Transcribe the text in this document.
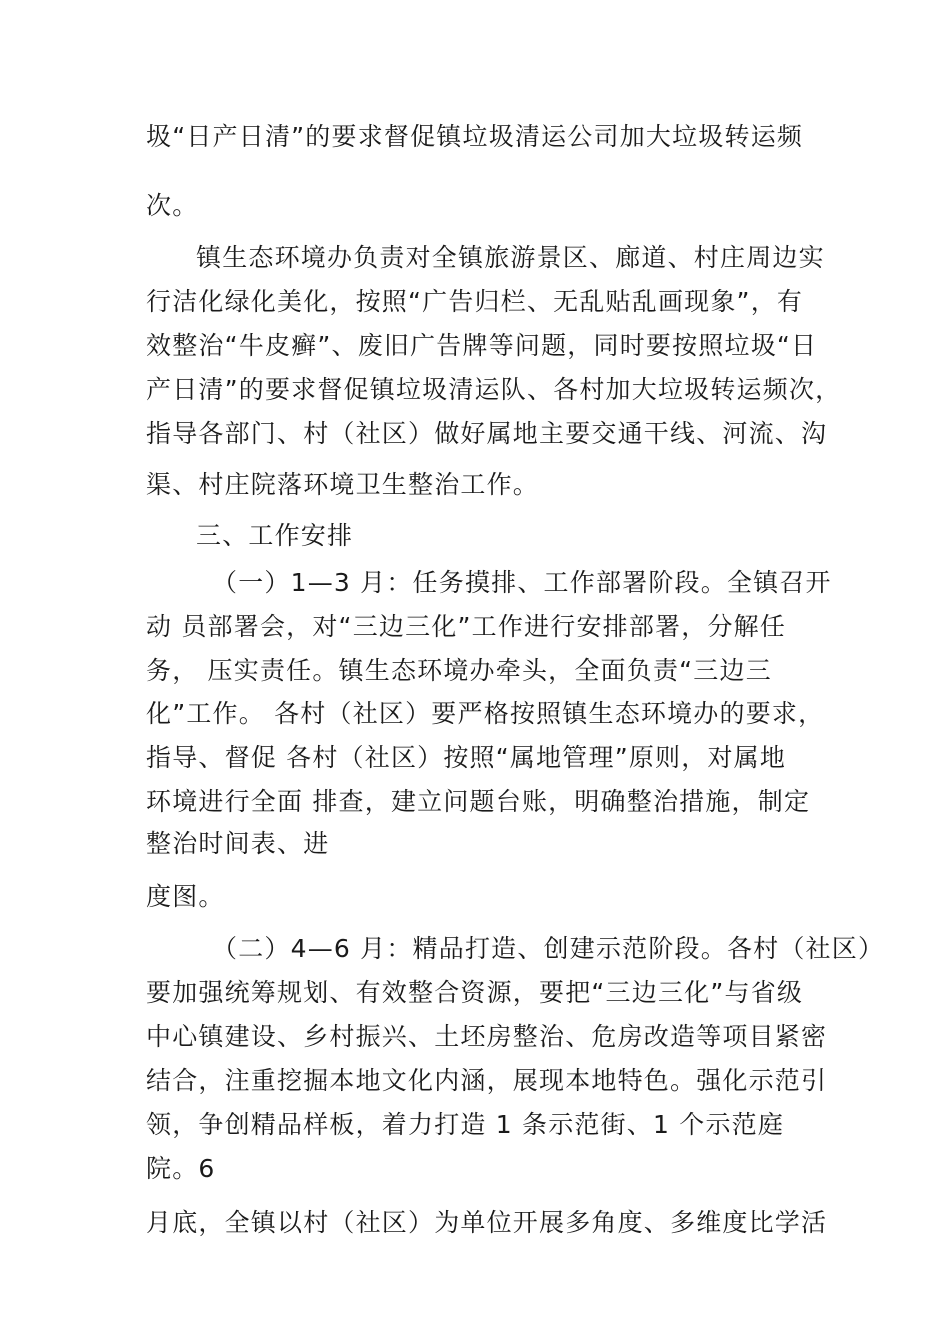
圾“日产日清”的要求督促镇垃圾清运公司加大垃圾转运频

次。

镇生态环境办负责对全镇旅游景区、廊道、村庄周边实

行洁化绿化美化，按照“广告归栏、无乱贴乱画现象”，有

效整治“牛皮癣”、废旧广告牌等问题，同时要按照垃圾“日

产日清”的要求督促镇垃圾清运队、各村加大垃圾转运频次，

指导各部门、村（社区）做好属地主要交通干线、河流、沟

渠、村庄院落环境卫生整治工作。

三、工作安排

（一）1—3 月：任务摸排、工作部署阶段。全镇召开

动 员部署会，对“三边三化”工作进行安排部署，分解任

务， 压实责任。镇生态环境办牵头，全面负责“三边三

化”工作。 各村（社区）要严格按照镇生态环境办的要求，

指导、督促 各村（社区）按照“属地管理”原则，对属地

环境进行全面 排查，建立问题台账，明确整治措施，制定

整治时间表、进

度图。

（二）4—6 月：精品打造、创建示范阶段。各村（社区）

要加强统筹规划、有效整合资源，要把“三边三化”与省级

中心镇建设、乡村振兴、土坯房整治、危房改造等项目紧密

结合，注重挖掘本地文化内涵，展现本地特色。强化示范引

领，争创精品样板，着力打造 1 条示范街、1 个示范庭

院。6

月底，全镇以村（社区）为单位开展多角度、多维度比学活
